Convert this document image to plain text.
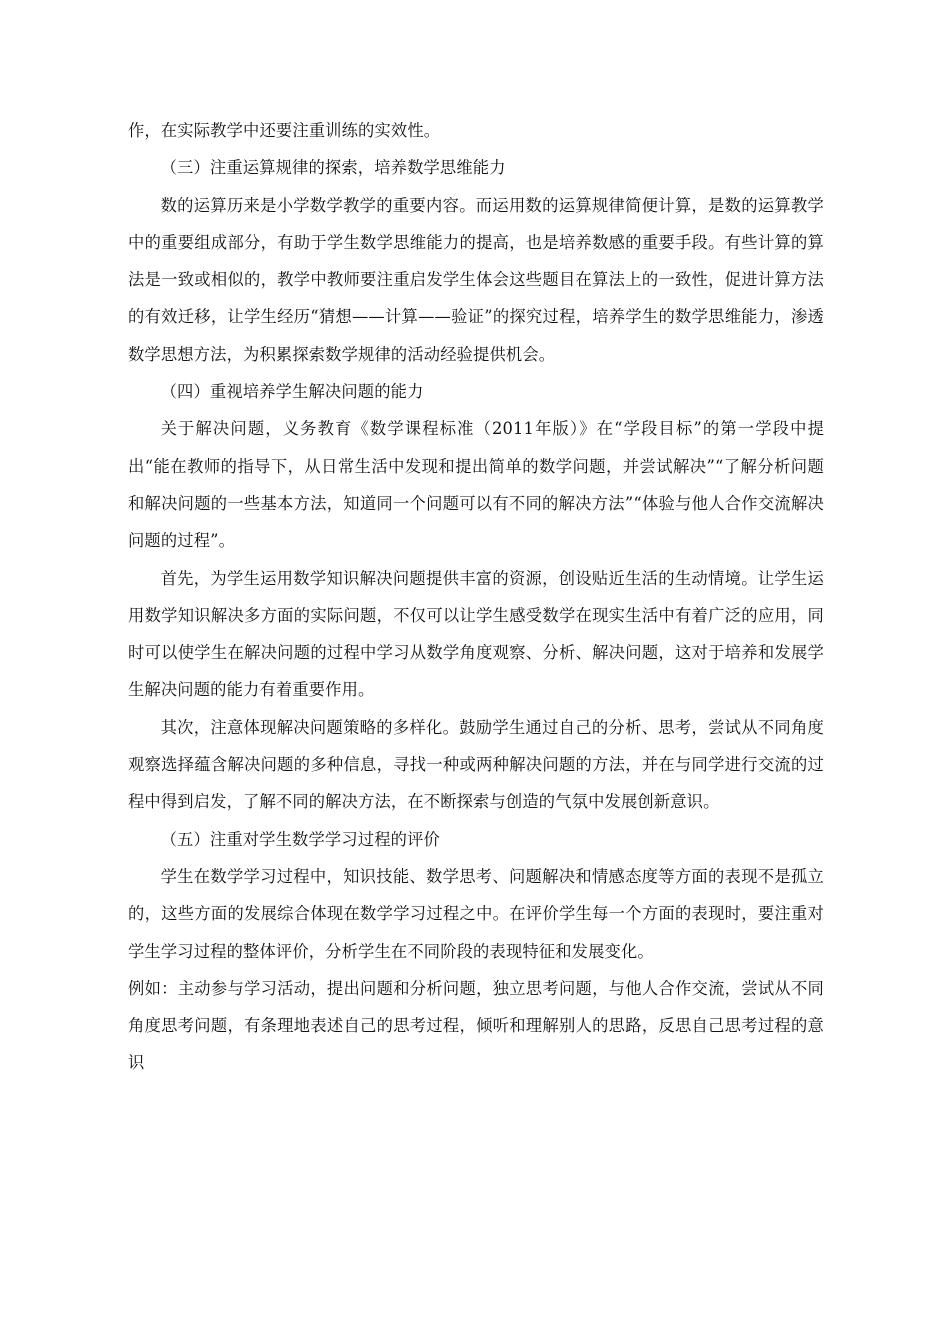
作，在实际教学中还要注重训练的实效性。

（三）注重运算规律的探索，培养数学思维能力

数的运算历来是小学数学教学的重要内容。而运用数的运算规律简便计算，是数的运算教学中的重要组成部分，有助于学生数学思维能力的提高，也是培养数感的重要手段。有些计算的算法是一致或相似的，教学中教师要注重启发学生体会这些题目在算法上的一致性，促进计算方法的有效迁移，让学生经历“猜想——计算——验证”的探究过程，培养学生的数学思维能力，渗透数学思想方法，为积累探索数学规律的活动经验提供机会。

（四）重视培养学生解决问题的能力

关于解决问题，义务教育《数学课程标准（2011年版）》在“学段目标”的第一学段中提出“能在教师的指导下，从日常生活中发现和提出简单的数学问题，并尝试解决”“了解分析问题和解决问题的一些基本方法，知道同一个问题可以有不同的解决方法”“体验与他人合作交流解决问题的过程”。

首先，为学生运用数学知识解决问题提供丰富的资源，创设贴近生活的生动情境。让学生运用数学知识解决多方面的实际问题，不仅可以让学生感受数学在现实生活中有着广泛的应用，同时可以使学生在解决问题的过程中学习从数学角度观察、分析、解决问题，这对于培养和发展学生解决问题的能力有着重要作用。

其次，注意体现解决问题策略的多样化。鼓励学生通过自己的分析、思考，尝试从不同角度观察选择蕴含解决问题的多种信息，寻找一种或两种解决问题的方法，并在与同学进行交流的过程中得到启发，了解不同的解决方法，在不断探索与创造的气氛中发展创新意识。

（五）注重对学生数学学习过程的评价

学生在数学学习过程中，知识技能、数学思考、问题解决和情感态度等方面的表现不是孤立的，这些方面的发展综合体现在数学学习过程之中。在评价学生每一个方面的表现时，要注重对学生学习过程的整体评价，分析学生在不同阶段的表现特征和发展变化。

例如：主动参与学习活动，提出问题和分析问题，独立思考问题，与他人合作交流，尝试从不同角度思考问题，有条理地表述自己的思考过程，倾听和理解别人的思路，反思自己思考过程的意识
